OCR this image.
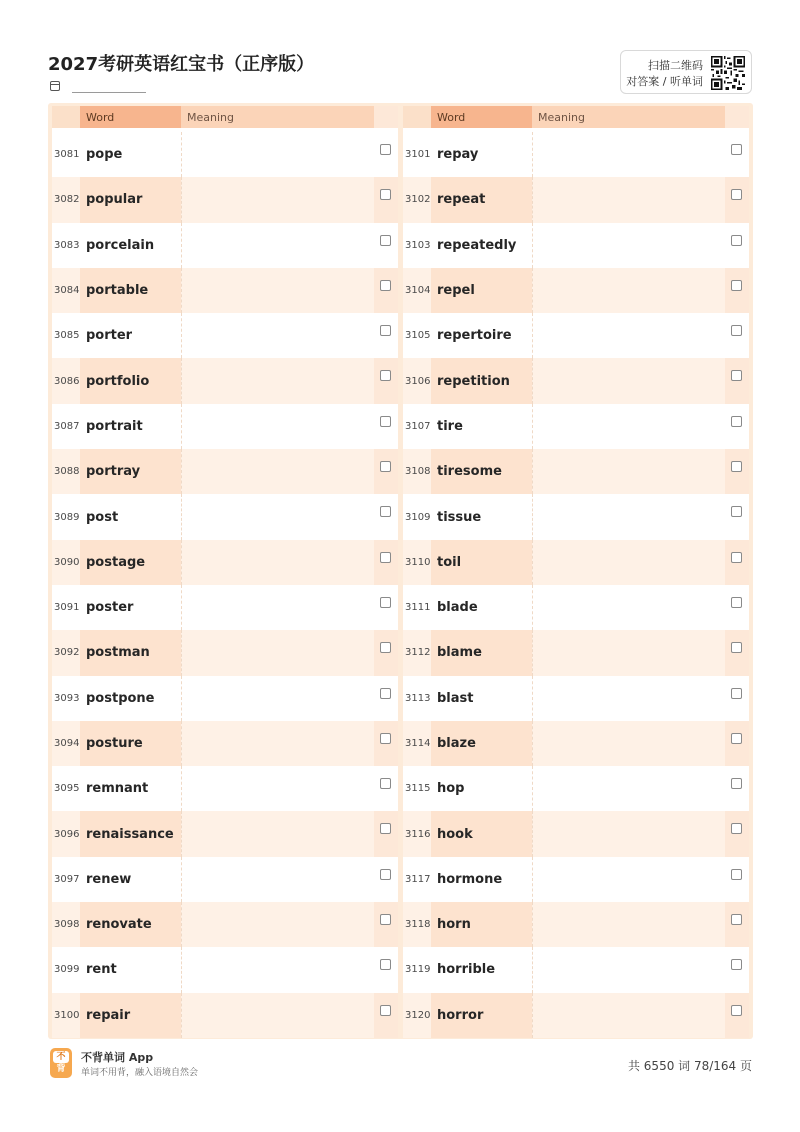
2027考研英语红宝书（正序版）	扫描二维码
对答案 / 听单词
Word	Meaning
3081 pope
3082 popular
3083 porcelain
3084 portable
3085 porter
3086 portfolio
3087 portrait
3088 portray
3089 post
3090 postage
3091 poster
3092 postman
3093 postpone
3094 posture
3095 remnant
3096 renaissance
3097 renew
3098 renovate
3099 rent
3100 repair
Word	Meaning
3101 repay
3102 repeat
3103 repeatedly
3104 repel
3105 repertoire
3106 repetition
3107 tire
3108 tiresome
3109 tissue
3110 toil
3111 blade
3112 blame
3113 blast
3114 blaze
3115 hop
3116 hook
3117 hormone
3118 horn
3119 horrible
3120 horror
不
背
不背单词 App
单词不用背，融入语境自然会	共 6550 词 78/164 页
